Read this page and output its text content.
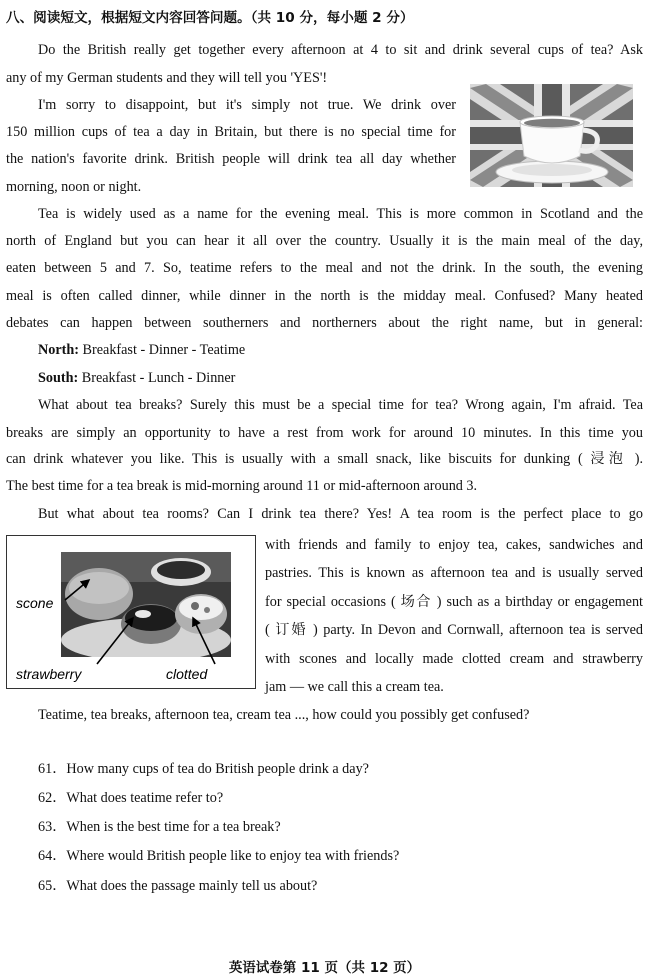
八、阅读短文，根据短文内容回答问题。（共 10 分，每小题 2 分）
Do the British really get together every afternoon at 4 to sit and drink several cups of tea? Ask
any of my German students and they will tell you 'YES'!
I'm sorry to disappoint, but it's simply not true. We drink over
150 million cups of tea a day in Britain, but there is no special time for
the nation's favorite drink. British people will drink tea all day whether
morning, noon or night.
Tea is widely used as a name for the evening meal. This is more common in Scotland and the
north of England but you can hear it all over the country. Usually it is the main meal of the day,
eaten between 5 and 7. So, teatime refers to the meal and not the drink. In the south, the evening
meal is often called dinner, while dinner in the north is the midday meal. Confused? Many heated
debates can happen between southerners and northerners about the right name, but in general:
North: Breakfast - Dinner - Teatime
South: Breakfast - Lunch - Dinner
What about tea breaks? Surely this must be a special time for tea? Wrong again, I'm afraid. Tea
breaks are simply an opportunity to have a rest from work for around 10 minutes. In this time you
can drink whatever you like. This is usually with a small snack, like biscuits for dunking ( 浸泡 ).
The best time for a tea break is mid-morning around 11 or mid-afternoon around 3.
But what about tea rooms? Can I drink tea there? Yes! A tea room is the perfect place to go
with friends and family to enjoy tea, cakes, sandwiches and
pastries. This is known as afternoon tea and is usually served
for special occasions ( 场合 ) such as a birthday or engagement
( 订婚 ) party. In Devon and Cornwall, afternoon tea is served
with scones and locally made clotted cream and strawberry
jam — we call this a cream tea.
scone
strawberry	clotted
Teatime, tea breaks, afternoon tea, cream tea ..., how could you possibly get confused?
61．How many cups of tea do British people drink a day?
62．What does teatime refer to?
63．When is the best time for a tea break?
64．Where would British people like to enjoy tea with friends?
65．What does the passage mainly tell us about?
英语试卷第 11 页（共 12 页）
